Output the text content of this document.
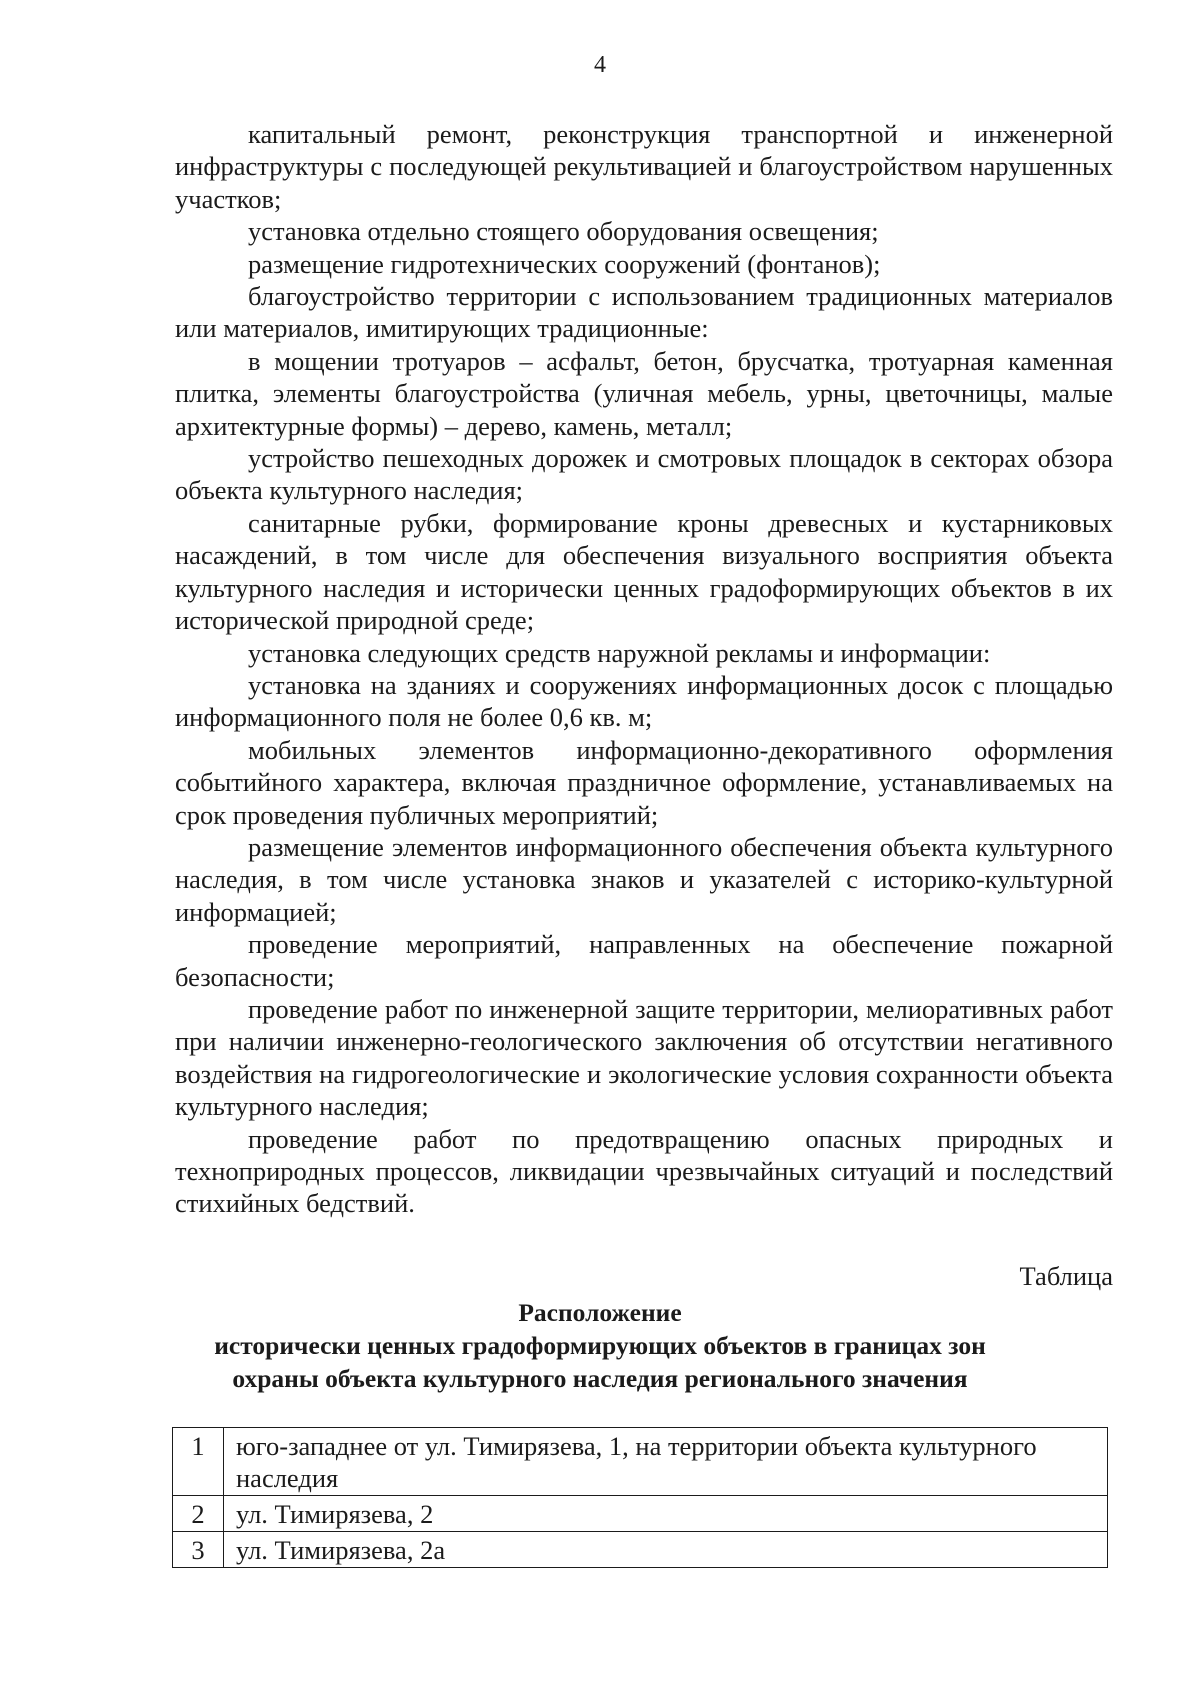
4

капитальный ремонт, реконструкция транспортной и инженерной инфраструктуры с последующей рекультивацией и благоустройством нарушенных участков;

установка отдельно стоящего оборудования освещения;

размещение гидротехнических сооружений (фонтанов);

благоустройство территории с использованием традиционных материалов или материалов, имитирующих традиционные:

в мощении тротуаров – асфальт, бетон, брусчатка, тротуарная каменная плитка, элементы благоустройства (уличная мебель, урны, цветочницы, малые архитектурные формы) – дерево, камень, металл;

устройство пешеходных дорожек и смотровых площадок в секторах обзора объекта культурного наследия;

санитарные рубки, формирование кроны древесных и кустарниковых насаждений, в том числе для обеспечения визуального восприятия объекта культурного наследия и исторически ценных градоформирующих объектов в их исторической природной среде;

установка следующих средств наружной рекламы и информации:

установка на зданиях и сооружениях информационных досок с площадью информационного поля не более 0,6 кв. м;

мобильных элементов информационно-декоративного оформления событийного характера, включая праздничное оформление, устанавливаемых на срок проведения публичных мероприятий;

размещение элементов информационного обеспечения объекта культурного наследия, в том числе установка знаков и указателей с историко-культурной информацией;

проведение мероприятий, направленных на обеспечение пожарной безопасности;

проведение работ по инженерной защите территории, мелиоративных работ при наличии инженерно-геологического заключения об отсутствии негативного воздействия на гидрогеологические и экологические условия сохранности объекта культурного наследия;

проведение работ по предотвращению опасных природных и техноприродных процессов, ликвидации чрезвычайных ситуаций и последствий стихийных бедствий.

Таблица
Расположение
исторически ценных градоформирующих объектов в границах зон
охраны объекта культурного наследия регионального значения
1	юго-западнее от ул. Тимирязева, 1, на территории объекта культурного наследия
2	ул. Тимирязева, 2
3	ул. Тимирязева, 2а
